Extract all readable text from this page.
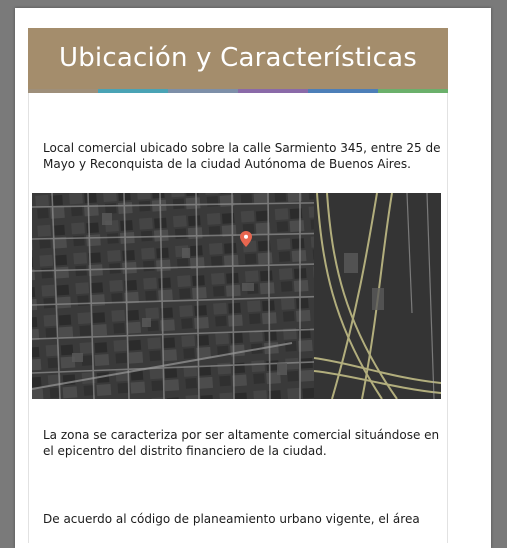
Ubicación y Características

Local comercial ubicado sobre la calle Sarmiento 345, entre 25 de Mayo y Reconquista de la ciudad Autónoma de Buenos Aires.

La zona se caracteriza por ser altamente comercial situándose en el epicentro del distrito financiero de la ciudad.

De acuerdo al código de planeamiento urbano vigente, el área
